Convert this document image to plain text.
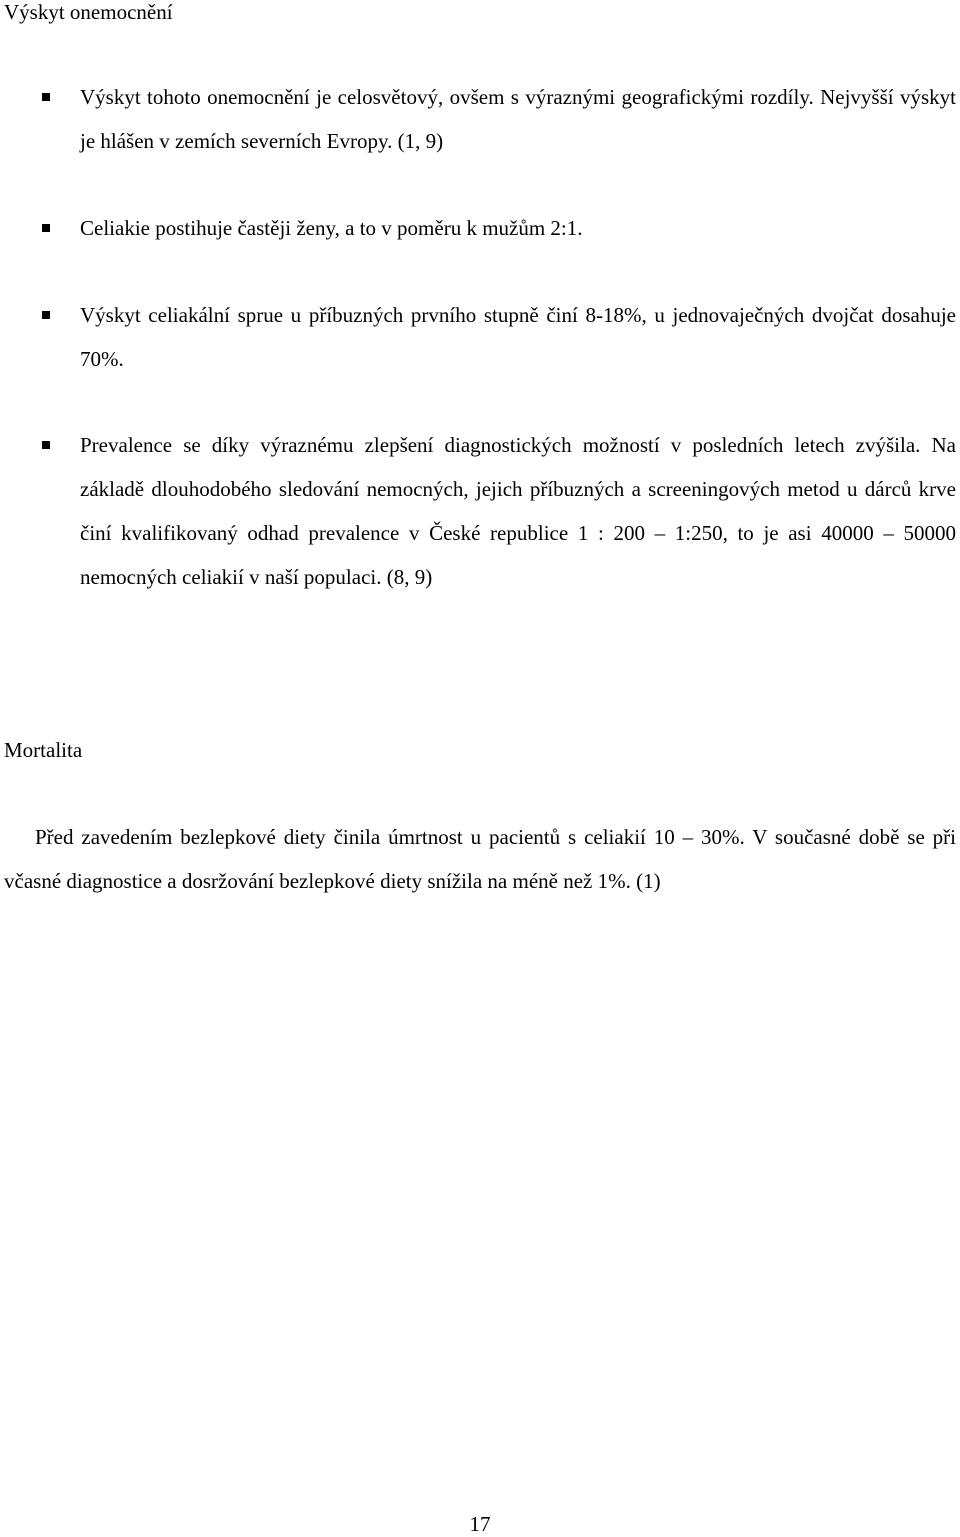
Výskyt onemocnění
Výskyt tohoto onemocnění je celosvětový, ovšem s výraznými geografickými rozdíly. Nejvyšší výskyt je hlášen v zemích severních Evropy. (1, 9)
Celiakie postihuje častěji ženy, a to v poměru k mužům 2:1.
Výskyt celiakální sprue u příbuzných prvního stupně činí 8-18%, u jednovaječných dvojčat dosahuje 70%.
Prevalence se díky výraznému zlepšení diagnostických možností v posledních letech zvýšila. Na základě dlouhodobého sledování nemocných, jejich příbuzných a screeningových metod u dárců krve činí kvalifikovaný odhad prevalence v České republice 1 : 200 – 1:250, to je asi 40000 – 50000 nemocných celiakií v naší populaci. (8, 9)
Mortalita

Před zavedením bezlepkové diety činila úmrtnost u pacientů s celiakií 10 – 30%. V současné době se při včasné diagnostice a dosržování bezlepkové diety snížila na méně než 1%. (1)

17
